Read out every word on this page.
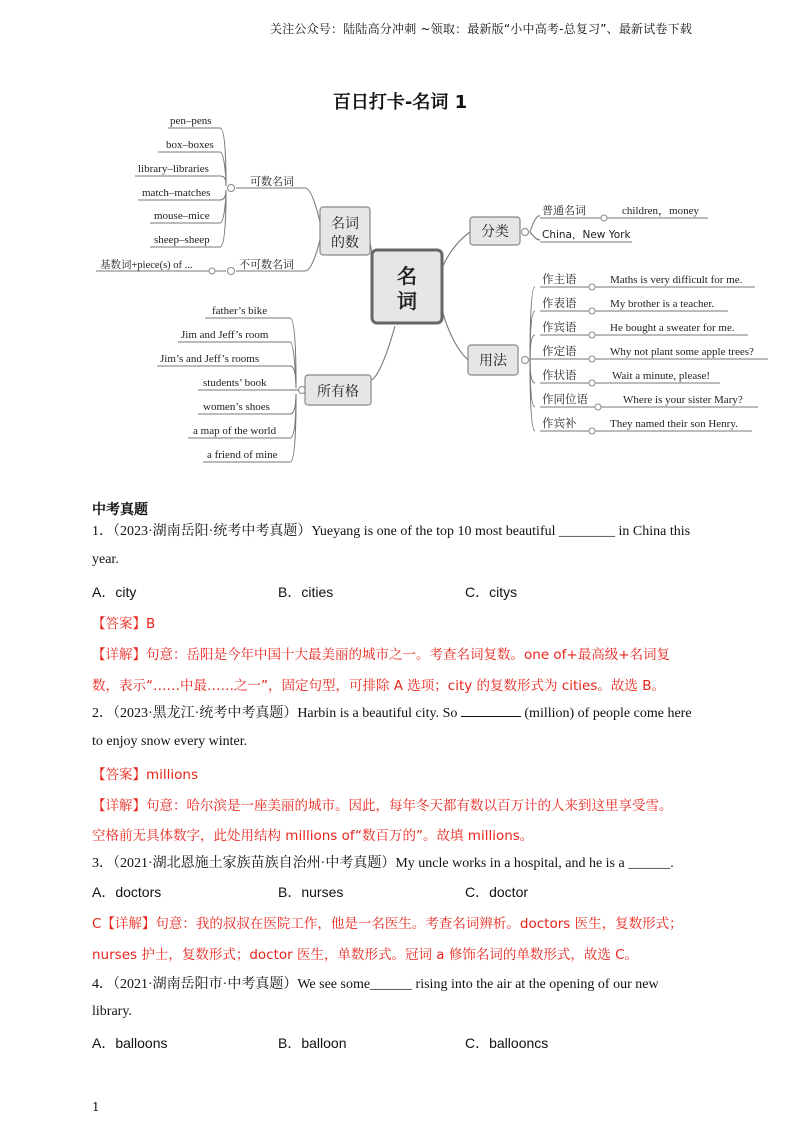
关注公众号：陆陆高分冲刺 ~领取：最新版“小中高考-总复习”、最新试卷下载
百日打卡-名词 1
名
词
名词
的数
所有格
分类
用法
可数名词
pen–pens
box–boxes
library–libraries
match–matches
mouse–mice
sheep–sheep
不可数名词
基数词+piece(s) of ...
father’s bike
Jim and Jeff’s room
Jim’s and Jeff’s rooms
students’ book
women’s shoes
a map of the world
a friend of mine
普通名词	children，money
China，New York
作主语	Maths is very difficult for me.
作表语	My brother is a teacher.
作宾语	He bought a sweater for me.
作定语	Why not plant some apple trees?
作状语	Wait a minute, please!
作同位语	Where is your sister Mary?
作宾补	They named their son Henry.
中考真题
1．（2023·湖南岳阳·统考中考真题）Yueyang is one of the top 10 most beautiful ________ in China this
year.
A．city	B．cities	C．citys
【答案】B
【详解】句意：岳阳是今年中国十大最美丽的城市之一。考查名词复数。one of+最高级+名词复
数，表示“……中最……之一”，固定句型，可排除 A 选项；city 的复数形式为 cities。故选 B。
2．（2023·黑龙江·统考中考真题）Harbin is a beautiful city. So	(million) of people come here
to enjoy snow every winter.
【答案】millions
【详解】句意：哈尔滨是一座美丽的城市。因此，每年冬天都有数以百万计的人来到这里享受雪。
空格前无具体数字，此处用结构 millions of“数百万的”。故填 millions。
3．（2021·湖北恩施土家族苗族自治州·中考真题）My uncle works in a hospital, and he is a ______.
A．doctors	B．nurses	C．doctor
C【详解】句意：我的叔叔在医院工作，他是一名医生。考查名词辨析。doctors 医生，复数形式；
nurses 护士，复数形式；doctor 医生，单数形式。冠词 a 修饰名词的单数形式，故选 C。
4．（2021·湖南岳阳市·中考真题）We see some______ rising into the air at the opening of our new
library.
A．balloons	B．balloon	C．ballooncs
1
